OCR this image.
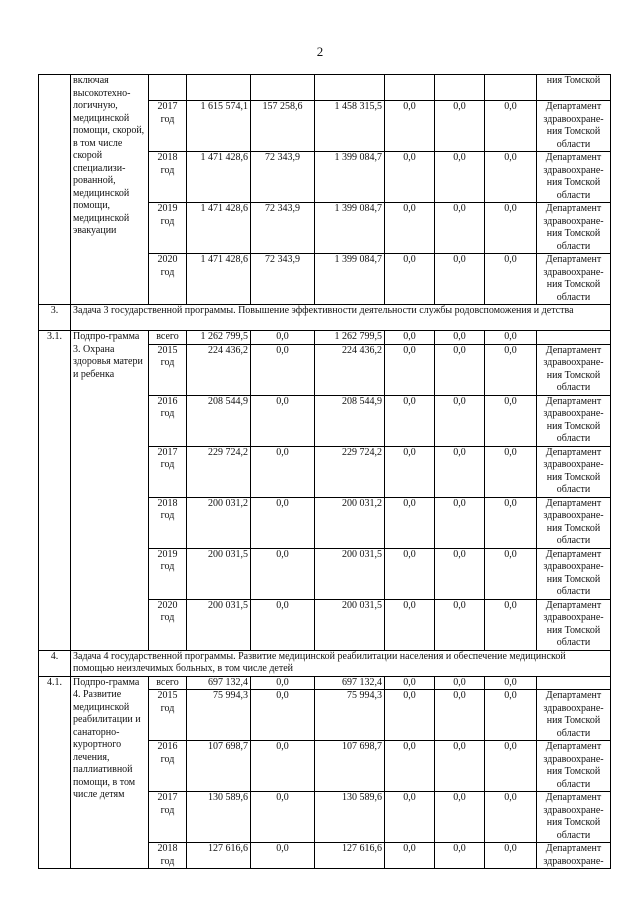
2
	включая высокотехно-логичную, медицинской помощи, скорой, в том числе скорой специализи-рованной, медицинской помощи, медицинской эвакуации								ния Томской
		2017 год	1 615 574,1	157 258,6	1 458 315,5	0,0	0,0	0,0	Департамент здравоохране-ния Томской области
		2018 год	1 471 428,6	72 343,9	1 399 084,7	0,0	0,0	0,0	Департамент здравоохране-ния Томской области
		2019 год	1 471 428,6	72 343,9	1 399 084,7	0,0	0,0	0,0	Департамент здравоохране-ния Томской области
		2020 год	1 471 428,6	72 343,9	1 399 084,7	0,0	0,0	0,0	Департамент здравоохране-ния Томской области
3.	Задача 3 государственной программы. Повышение эффективности деятельности службы родовспоможения и детства								
3.1.	Подпро-грамма 3. Охрана здоровья матери и ребенка	всего	1 262 799,5	0,0	1 262 799,5	0,0	0,0	0,0	
		2015 год	224 436,2	0,0	224 436,2	0,0	0,0	0,0	Департамент здравоохране-ния Томской области
		2016 год	208 544,9	0,0	208 544,9	0,0	0,0	0,0	Департамент здравоохране-ния Томской области
		2017 год	229 724,2	0,0	229 724,2	0,0	0,0	0,0	Департамент здравоохране-ния Томской области
		2018 год	200 031,2	0,0	200 031,2	0,0	0,0	0,0	Департамент здравоохране-ния Томской области
		2019 год	200 031,5	0,0	200 031,5	0,0	0,0	0,0	Департамент здравоохране-ния Томской области
		2020 год	200 031,5	0,0	200 031,5	0,0	0,0	0,0	Департамент здравоохране-ния Томской области
4.	Задача 4 государственной программы. Развитие медицинской реабилитации населения и обеспечение медицинской помощью неизлечимых больных, в том числе детей								
4.1.	Подпро-грамма 4. Развитие медицинской реабилитации и санаторно-курортного лечения, паллиативной помощи, в том числе детям	всего	697 132,4	0,0	697 132,4	0,0	0,0	0,0	
		2015 год	75 994,3	0,0	75 994,3	0,0	0,0	0,0	Департамент здравоохране-ния Томской области
		2016 год	107 698,7	0,0	107 698,7	0,0	0,0	0,0	Департамент здравоохране-ния Томской области
		2017 год	130 589,6	0,0	130 589,6	0,0	0,0	0,0	Департамент здравоохране-ния Томской области
		2018 год	127 616,6	0,0	127 616,6	0,0	0,0	0,0	Департамент здравоохране-
